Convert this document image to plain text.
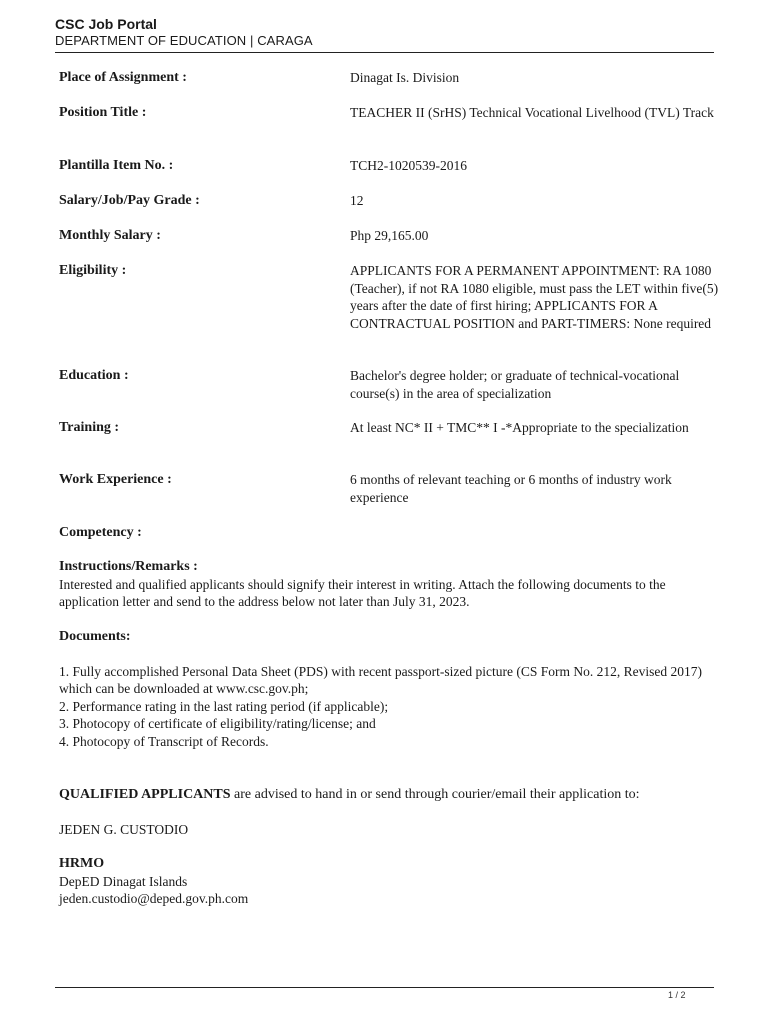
CSC Job Portal
DEPARTMENT OF EDUCATION | CARAGA
Place of Assignment :	Dinagat Is. Division
Position Title :	TEACHER II (SrHS) Technical Vocational Livelhood (TVL) Track
Plantilla Item No. :	TCH2-1020539-2016
Salary/Job/Pay Grade :	12
Monthly Salary :	Php 29,165.00
Eligibility :	APPLICANTS FOR A PERMANENT APPOINTMENT: RA 1080 (Teacher), if not RA 1080 eligible, must pass the LET within five(5) years after the date of first hiring; APPLICANTS FOR A CONTRACTUAL POSITION and PART-TIMERS: None required
Education :	Bachelor's degree holder; or graduate of technical-vocational course(s) in the area of specialization
Training :	At least NC* II + TMC** I -*Appropriate to the specialization
Work Experience :	6 months of relevant teaching or 6 months of industry work experience
Competency :

Instructions/Remarks :

Interested and qualified applicants should signify their interest in writing. Attach the following documents to the application letter and send to the address below not later than July 31, 2023.

Documents:

1. Fully accomplished Personal Data Sheet (PDS) with recent passport-sized picture (CS Form No. 212, Revised 2017) which can be downloaded at www.csc.gov.ph;

2. Performance rating in the last rating period (if applicable);

3. Photocopy of certificate of eligibility/rating/license; and

4. Photocopy of Transcript of Records.

QUALIFIED APPLICANTS are advised to hand in or send through courier/email their application to:
JEDEN G. CUSTODIO

HRMO

DepED Dinagat Islands

jeden.custodio@deped.gov.ph.com

1 / 2
